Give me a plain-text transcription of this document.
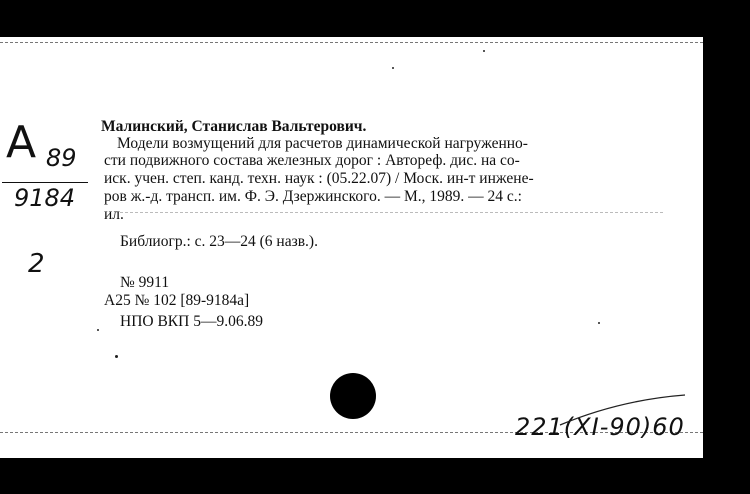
A 89
9184
2
Малинский, Станислав Вальтерович.
Модели возмущений для расчетов динамической нагруженно-
сти подвижного состава железных дорог : Автореф. дис. на со-
иск. учен. степ. канд. техн. наук : (05.22.07) / Моск. ин-т инжене-
ров ж.-д. трансп. им. Ф. Э. Дзержинского. — М., 1989. — 24 с.:
ил.
Библиогр.: с. 23—24 (6 назв.).
№ 9911
A25 № 102 [89-9184a]
НПО ВКП 5—9.06.89
221(XI-90)60
